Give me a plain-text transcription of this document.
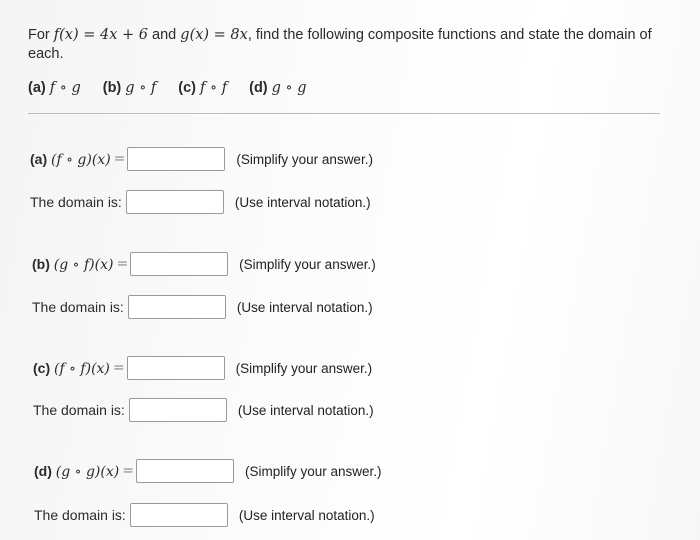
For f(x) = 4x + 6 and g(x) = 8x, find the following composite functions and state the domain of
each.
(a) f ∘ g (b) g ∘ f (c) f ∘ f (d) g ∘ g
(a) (f ∘ g)(x) =	(Simplify your answer.)
The domain is:	(Use interval notation.)
(b) (g ∘ f)(x) =	(Simplify your answer.)
The domain is:	(Use interval notation.)
(c) (f ∘ f)(x) =	(Simplify your answer.)
The domain is:	(Use interval notation.)
(d) (g ∘ g)(x) =	(Simplify your answer.)
The domain is:	(Use interval notation.)
